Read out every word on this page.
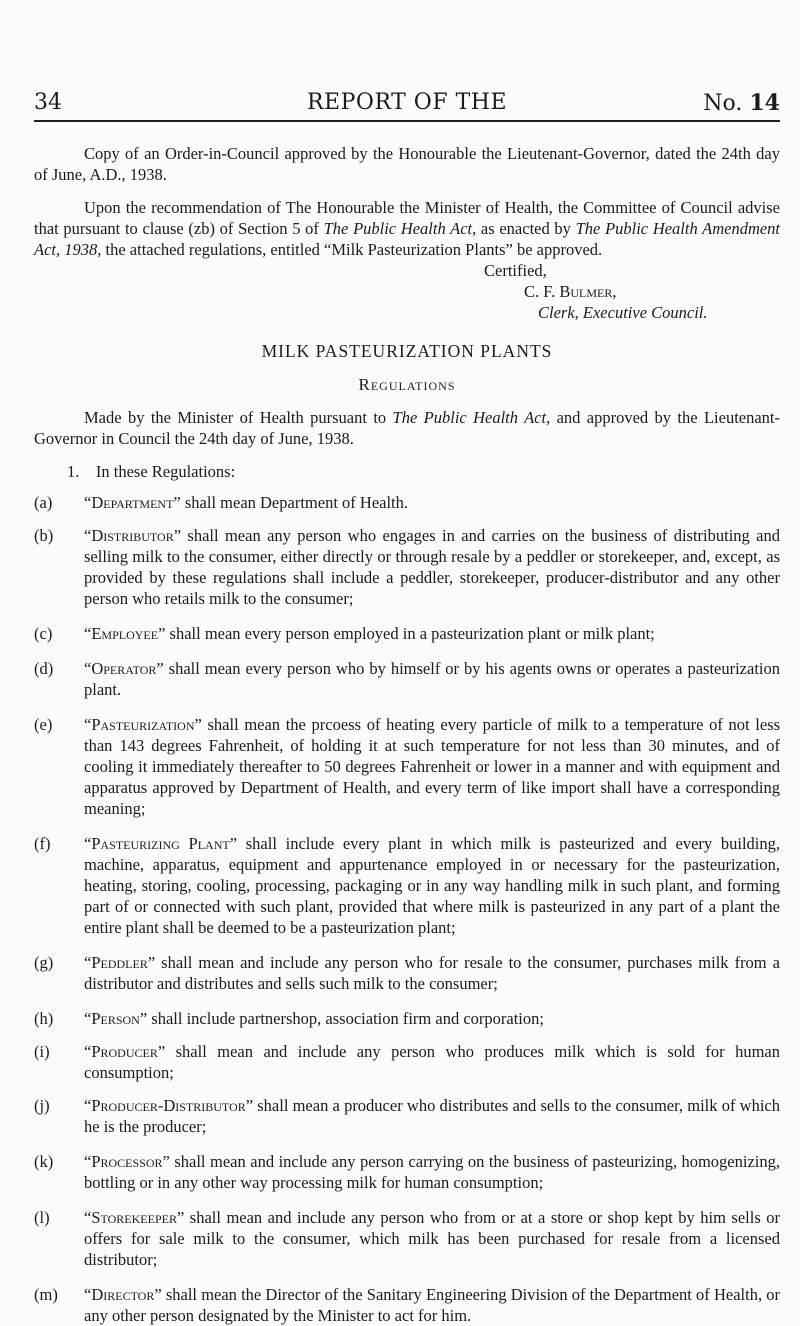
34	REPORT OF THE	No. 14

Copy of an Order-in-Council approved by the Honourable the Lieutenant-Governor, dated the 24th day of June, A.D., 1938.

Upon the recommendation of The Honourable the Minister of Health, the Committee of Council advise that pursuant to clause (zb) of Section 5 of The Public Health Act, as enacted by The Public Health Amendment Act, 1938, the attached regulations, entitled “Milk Pasteurization Plants” be approved.

Certified,

C. F. Bulmer,

Clerk, Executive Council.

MILK PASTEURIZATION PLANTS

Regulations

Made by the Minister of Health pursuant to The Public Health Act, and approved by the Lieutenant-Governor in Council the 24th day of June, 1938.

1. In these Regulations:

(a) “Department” shall mean Department of Health.
(b) “Distributor” shall mean any person who engages in and carries on the business of distributing and selling milk to the consumer, either directly or through resale by a peddler or storekeeper, and, except, as provided by these regulations shall include a peddler, storekeeper, producer-distributor and any other person who retails milk to the consumer;
(c) “Employee” shall mean every person employed in a pasteurization plant or milk plant;
(d) “Operator” shall mean every person who by himself or by his agents owns or operates a pasteurization plant.
(e) “Pasteurization” shall mean the prcoess of heating every particle of milk to a temperature of not less than 143 degrees Fahrenheit, of holding it at such temperature for not less than 30 minutes, and of cooling it immediately thereafter to 50 degrees Fahrenheit or lower in a manner and with equipment and apparatus approved by Department of Health, and every term of like import shall have a corresponding meaning;
(f) “Pasteurizing Plant” shall include every plant in which milk is pasteurized and every building, machine, apparatus, equipment and appurtenance employed in or necessary for the pasteurization, heating, storing, cooling, processing, packaging or in any way handling milk in such plant, and forming part of or connected with such plant, provided that where milk is pasteurized in any part of a plant the entire plant shall be deemed to be a pasteurization plant;
(g) “Peddler” shall mean and include any person who for resale to the consumer, purchases milk from a distributor and distributes and sells such milk to the consumer;
(h) “Person” shall include partnershop, association firm and corporation;
(i) “Producer” shall mean and include any person who produces milk which is sold for human consumption;
(j) “Producer-Distributor” shall mean a producer who distributes and sells to the consumer, milk of which he is the producer;
(k) “Processor” shall mean and include any person carrying on the business of pasteurizing, homogenizing, bottling or in any other way processing milk for human consumption;
(l) “Storekeeper” shall mean and include any person who from or at a store or shop kept by him sells or offers for sale milk to the consumer, which milk has been purchased for resale from a licensed distributor;
(m) “Director” shall mean the Director of the Sanitary Engineering Division of the Department of Health, or any other person designated by the Minister to act for him.
